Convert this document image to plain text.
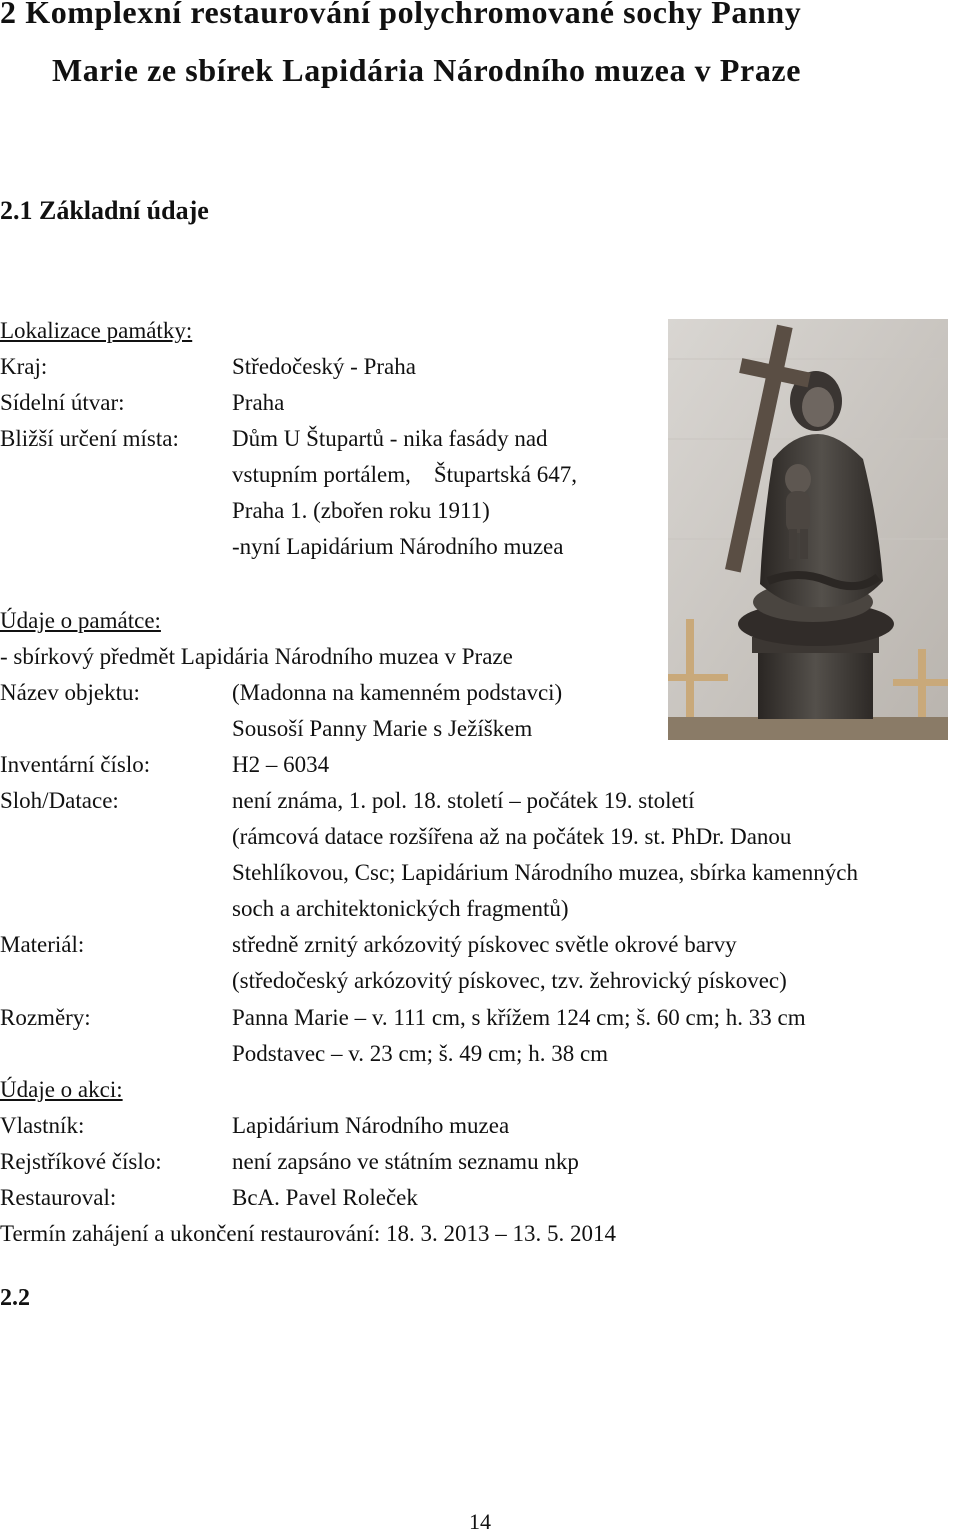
2 Komplexní restaurování polychromované sochy Panny
Marie ze sbírek Lapidária Národního muzea v Praze
2.1 Základní údaje
Lokalizace památky:
Kraj:	Středočeský - Praha
Sídelní útvar:	Praha
Bližší určení místa: Dům U Štupartů - nika fasády nad
vstupním portálem,    Štupartská 647,
Praha 1. (zbořen roku 1911)
-nyní Lapidárium Národního muzea
Údaje o památce:
- sbírkový předmět Lapidária Národního muzea v Praze
Název objektu:	(Madonna na kamenném podstavci)
Sousoší Panny Marie s Ježíškem
Inventární číslo:	H2 – 6034
Sloh/Datace:	není známa, 1. pol. 18. století – počátek 19. století
(rámcová datace rozšířena až na počátek 19. st. PhDr. Danou
Stehlíkovou, Csc; Lapidárium Národního muzea, sbírka kamenných
soch a architektonických fragmentů)
Materiál:	středně zrnitý arkózovitý pískovec světle okrové barvy
(středočeský arkózovitý pískovec, tzv. žehrovický pískovec)
Rozměry:	Panna Marie – v. 111 cm, s křížem 124 cm; š. 60 cm; h. 33 cm
Podstavec – v. 23 cm; š. 49 cm; h. 38 cm
Údaje o akci:
Vlastník:	Lapidárium Národního muzea
Rejstříkové číslo:	není zapsáno ve státním seznamu nkp
Restauroval:	BcA. Pavel Roleček
Termín zahájení a ukončení restaurování: 18. 3. 2013 – 13. 5. 2014
2.2
14
